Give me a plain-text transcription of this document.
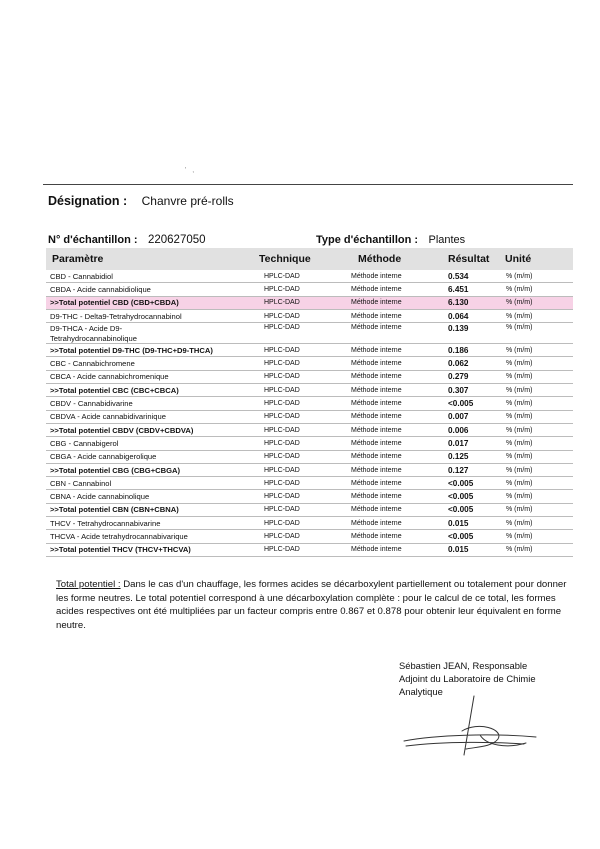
' ,
Désignation : Chanvre pré-rolls
N° d'échantillon : 220627050	Type d'échantillon : Plantes
Paramètre	Technique	Méthode	Résultat	Unité
CBD - Cannabidiol	HPLC-DAD	Méthode interne	0.534	% (m/m)
CBDA - Acide cannabidiolique	HPLC-DAD	Méthode interne	6.451	% (m/m)
>>Total potentiel CBD (CBD+CBDA)	HPLC-DAD	Méthode interne	6.130	% (m/m)
D9-THC - Delta9-Tetrahydrocannabinol	HPLC-DAD	Méthode interne	0.064	% (m/m)
D9-THCA - Acide D9-
Tetrahydrocannabinolique
HPLC-DAD	Méthode interne	0.139	% (m/m)
>>Total potentiel D9-THC (D9-THC+D9-THCA)	HPLC-DAD	Méthode interne	0.186	% (m/m)
CBC - Cannabichromene	HPLC-DAD	Méthode interne	0.062	% (m/m)
CBCA - Acide cannabichromenique	HPLC-DAD	Méthode interne	0.279	% (m/m)
>>Total potentiel CBC (CBC+CBCA)	HPLC-DAD	Méthode interne	0.307	% (m/m)
CBDV - Cannabidivarine	HPLC-DAD	Méthode interne	<0.005	% (m/m)
CBDVA - Acide cannabidivarinique	HPLC-DAD	Méthode interne	0.007	% (m/m)
>>Total potentiel CBDV (CBDV+CBDVA)	HPLC-DAD	Méthode interne	0.006	% (m/m)
CBG - Cannabigerol	HPLC-DAD	Méthode interne	0.017	% (m/m)
CBGA - Acide cannabigerolique	HPLC-DAD	Méthode interne	0.125	% (m/m)
>>Total potentiel CBG (CBG+CBGA)	HPLC-DAD	Méthode interne	0.127	% (m/m)
CBN - Cannabinol	HPLC-DAD	Méthode interne	<0.005	% (m/m)
CBNA - Acide cannabinolique	HPLC-DAD	Méthode interne	<0.005	% (m/m)
>>Total potentiel CBN (CBN+CBNA)	HPLC-DAD	Méthode interne	<0.005	% (m/m)
THCV - Tetrahydrocannabivarine	HPLC-DAD	Méthode interne	0.015	% (m/m)
THCVA - Acide tetrahydrocannabivarique	HPLC-DAD	Méthode interne	<0.005	% (m/m)
>>Total potentiel THCV (THCV+THCVA)	HPLC-DAD	Méthode interne	0.015	% (m/m)
Total potentiel : Dans le cas d'un chauffage, les formes acides se décarboxylent partiellement ou totalement pour donner les forme neutres. Le total potentiel correspond à une décarboxylation complète : pour le calcul de ce total, les formes acides respectives ont été multipliées par un facteur compris entre 0.867 et 0.878 pour obtenir leur équivalent en forme neutre.
Sébastien JEAN, Responsable
Adjoint du Laboratoire de Chimie
Analytique
